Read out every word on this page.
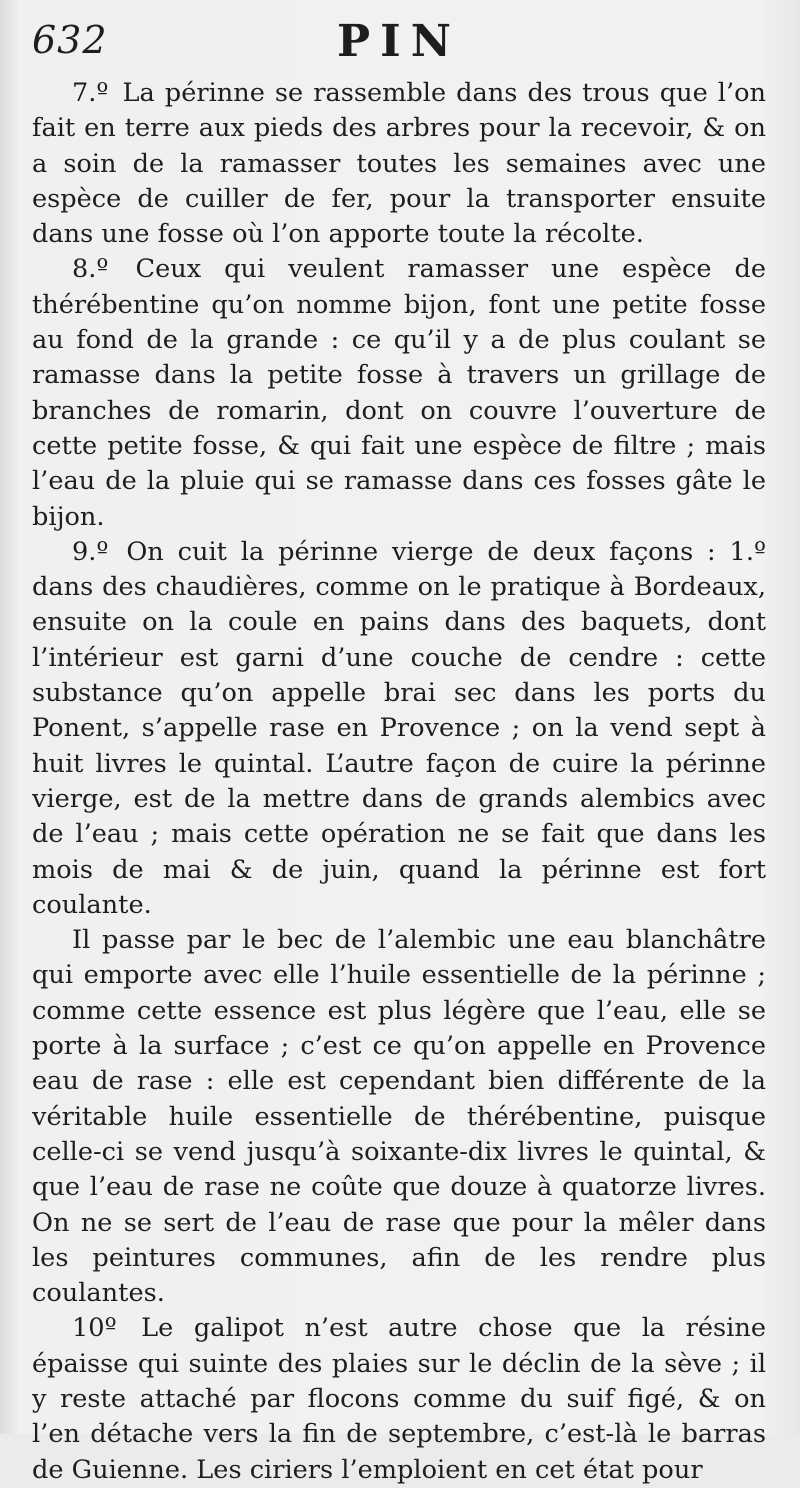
632	PIN

7.º La périnne se rassemble dans des trous que l’on fait en terre aux pieds des arbres pour la recevoir, & on a soin de la ramasser toutes les semaines avec une espèce de cuiller de fer, pour la transporter ensuite dans une fosse où l’on apporte toute la récolte.

8.º Ceux qui veulent ramasser une espèce de thérébentine qu’on nomme bijon, font une petite fosse au fond de la grande : ce qu’il y a de plus coulant se ramasse dans la petite fosse à travers un grillage de branches de romarin, dont on couvre l’ouverture de cette petite fosse, & qui fait une espèce de filtre ; mais l’eau de la pluie qui se ramasse dans ces fosses gâte le bijon.

9.º On cuit la périnne vierge de deux façons : 1.º dans des chaudières, comme on le pratique à Bordeaux, ensuite on la coule en pains dans des baquets, dont l’intérieur est garni d’une couche de cendre : cette substance qu’on appelle brai sec dans les ports du Ponent, s’appelle rase en Provence ; on la vend sept à huit livres le quintal. L’autre façon de cuire la périnne vierge, est de la mettre dans de grands alembics avec de l’eau ; mais cette opération ne se fait que dans les mois de mai & de juin, quand la périnne est fort coulante.

Il passe par le bec de l’alembic une eau blanchâtre qui emporte avec elle l’huile essentielle de la périnne ; comme cette essence est plus légère que l’eau, elle se porte à la surface ; c’est ce qu’on appelle en Provence eau de rase : elle est cependant bien différente de la véritable huile essentielle de thérébentine, puisque celle-ci se vend jusqu’à soixante-dix livres le quintal, & que l’eau de rase ne coûte que douze à quatorze livres. On ne se sert de l’eau de rase que pour la mêler dans les peintures communes, afin de les rendre plus coulantes.

10º Le galipot n’est autre chose que la résine épaisse qui suinte des plaies sur le déclin de la sève ; il y reste attaché par flocons comme du suif figé, & on l’en détache vers la fin de septembre, c’est-là le barras de Guienne. Les ciriers l’emploient en cet état pour
